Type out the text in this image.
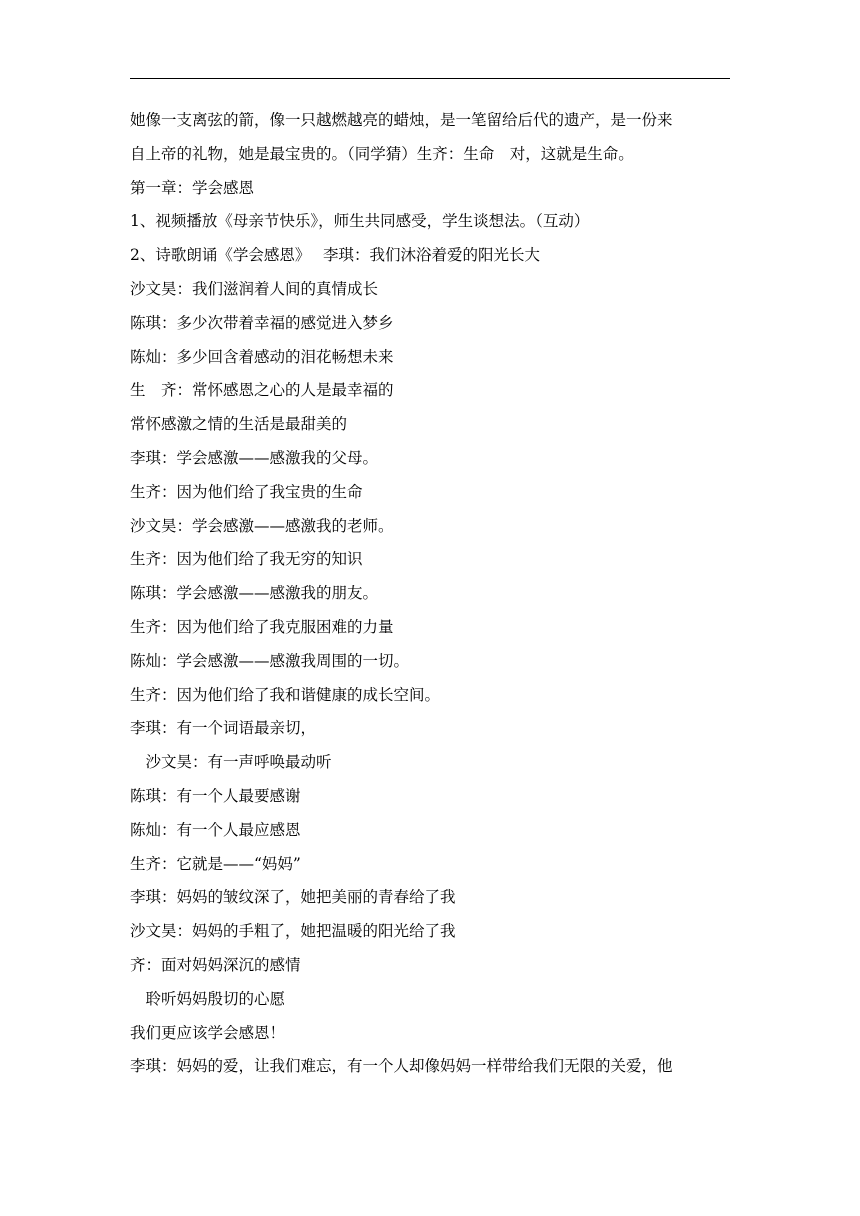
她像一支离弦的箭，像一只越燃越亮的蜡烛，是一笔留给后代的遗产，是一份来
自上帝的礼物，她是最宝贵的。（同学猜）生齐：生命　对，这就是生命。
第一章：学会感恩
1、视频播放《母亲节快乐》，师生共同感受，学生谈想法。（互动）
2、诗歌朗诵《学会感恩》　 李琪：我们沐浴着爱的阳光长大
沙文昊：我们滋润着人间的真情成长
陈琪：多少次带着幸福的感觉进入梦乡
陈灿：多少回含着感动的泪花畅想未来
生　齐：常怀感恩之心的人是最幸福的
常怀感激之情的生活是最甜美的
李琪：学会感激——感激我的父母。
生齐：因为他们给了我宝贵的生命
沙文昊：学会感激——感激我的老师。
生齐：因为他们给了我无穷的知识
陈琪：学会感激——感激我的朋友。
生齐：因为他们给了我克服困难的力量
陈灿：学会感激——感激我周围的一切。
生齐：因为他们给了我和谐健康的成长空间。
李琪：有一个词语最亲切，
　沙文昊：有一声呼唤最动听
陈琪：有一个人最要感谢
陈灿：有一个人最应感恩
生齐：它就是——“妈妈”
李琪：妈妈的皱纹深了，她把美丽的青春给了我
沙文昊：妈妈的手粗了，她把温暖的阳光给了我
齐：面对妈妈深沉的感情
　聆听妈妈殷切的心愿
我们更应该学会感恩！
李琪：妈妈的爱，让我们难忘，有一个人却像妈妈一样带给我们无限的关爱，他
